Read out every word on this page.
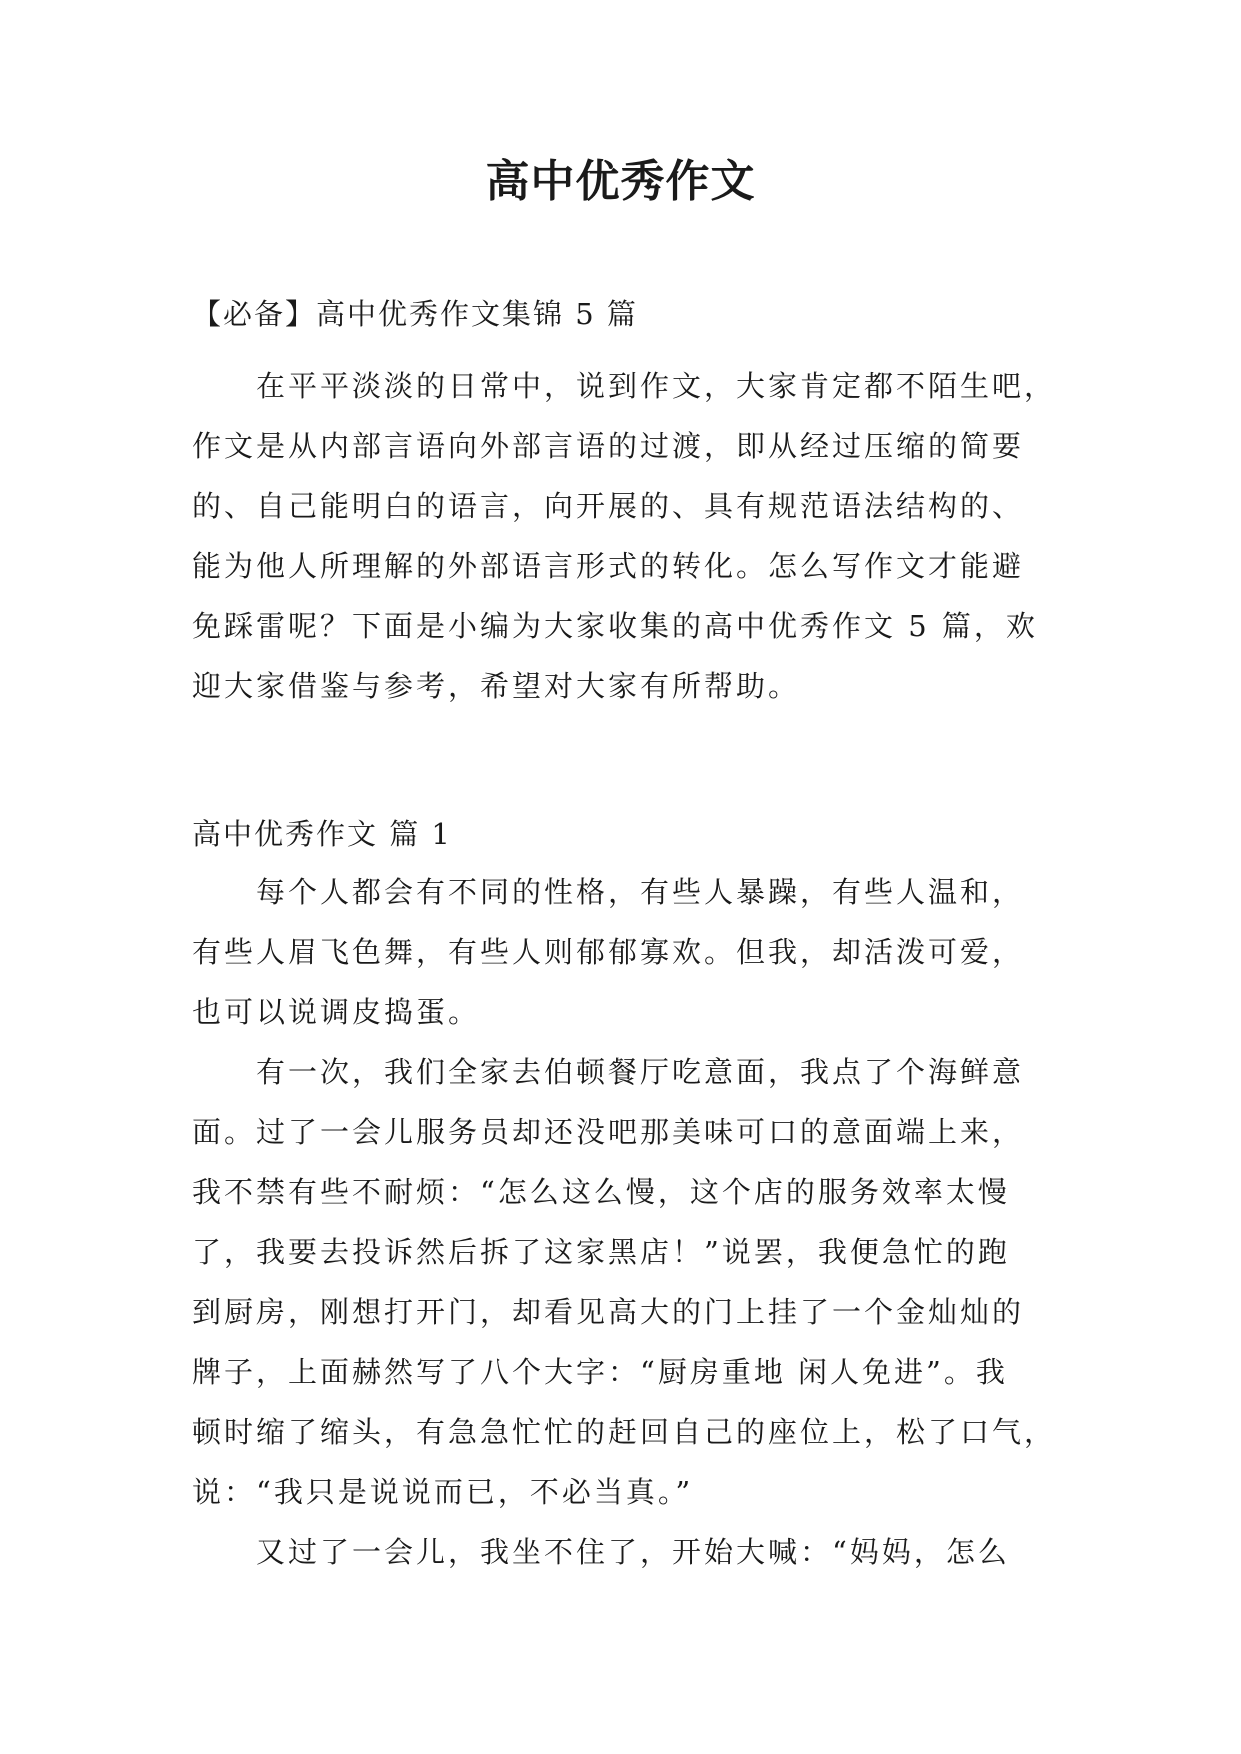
高中优秀作文
【必备】高中优秀作文集锦 5 篇
在平平淡淡的日常中，说到作文，大家肯定都不陌生吧，
作文是从内部言语向外部言语的过渡，即从经过压缩的简要
的、自己能明白的语言，向开展的、具有规范语法结构的、
能为他人所理解的外部语言形式的转化。怎么写作文才能避
免踩雷呢？下面是小编为大家收集的高中优秀作文 5 篇，欢
迎大家借鉴与参考，希望对大家有所帮助。
高中优秀作文 篇 1
每个人都会有不同的性格，有些人暴躁，有些人温和，
有些人眉飞色舞，有些人则郁郁寡欢。但我，却活泼可爱，
也可以说调皮捣蛋。
有一次，我们全家去伯顿餐厅吃意面，我点了个海鲜意
面。过了一会儿服务员却还没吧那美味可口的意面端上来，
我不禁有些不耐烦：“怎么这么慢，这个店的服务效率太慢
了，我要去投诉然后拆了这家黑店！”说罢，我便急忙的跑
到厨房，刚想打开门，却看见高大的门上挂了一个金灿灿的
牌子，上面赫然写了八个大字：“厨房重地 闲人免进”。我
顿时缩了缩头，有急急忙忙的赶回自己的座位上，松了口气，
说：“我只是说说而已，不必当真。”
又过了一会儿，我坐不住了，开始大喊：“妈妈，怎么
